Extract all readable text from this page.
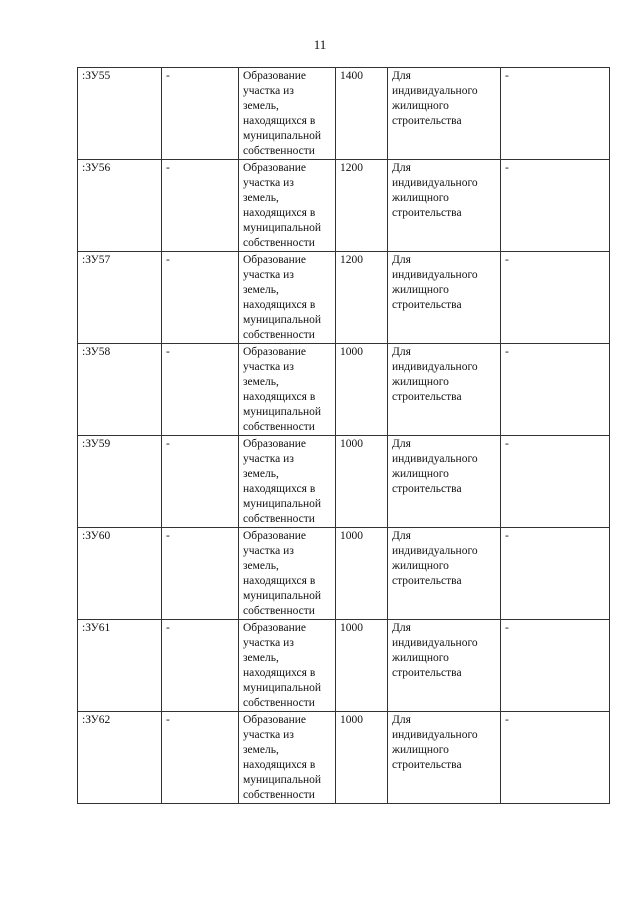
11
:ЗУ55	-	Образование участка из земель, находящихся в муниципальной собственности	1400	Для индивидуального жилищного строительства	-
:ЗУ56	-	Образование участка из земель, находящихся в муниципальной собственности	1200	Для индивидуального жилищного строительства	-
:ЗУ57	-	Образование участка из земель, находящихся в муниципальной собственности	1200	Для индивидуального жилищного строительства	-
:ЗУ58	-	Образование участка из земель, находящихся в муниципальной собственности	1000	Для индивидуального жилищного строительства	-
:ЗУ59	-	Образование участка из земель, находящихся в муниципальной собственности	1000	Для индивидуального жилищного строительства	-
:ЗУ60	-	Образование участка из земель, находящихся в муниципальной собственности	1000	Для индивидуального жилищного строительства	-
:ЗУ61	-	Образование участка из земель, находящихся в муниципальной собственности	1000	Для индивидуального жилищного строительства	-
:ЗУ62	-	Образование участка из земель, находящихся в муниципальной собственности	1000	Для индивидуального жилищного строительства	-
